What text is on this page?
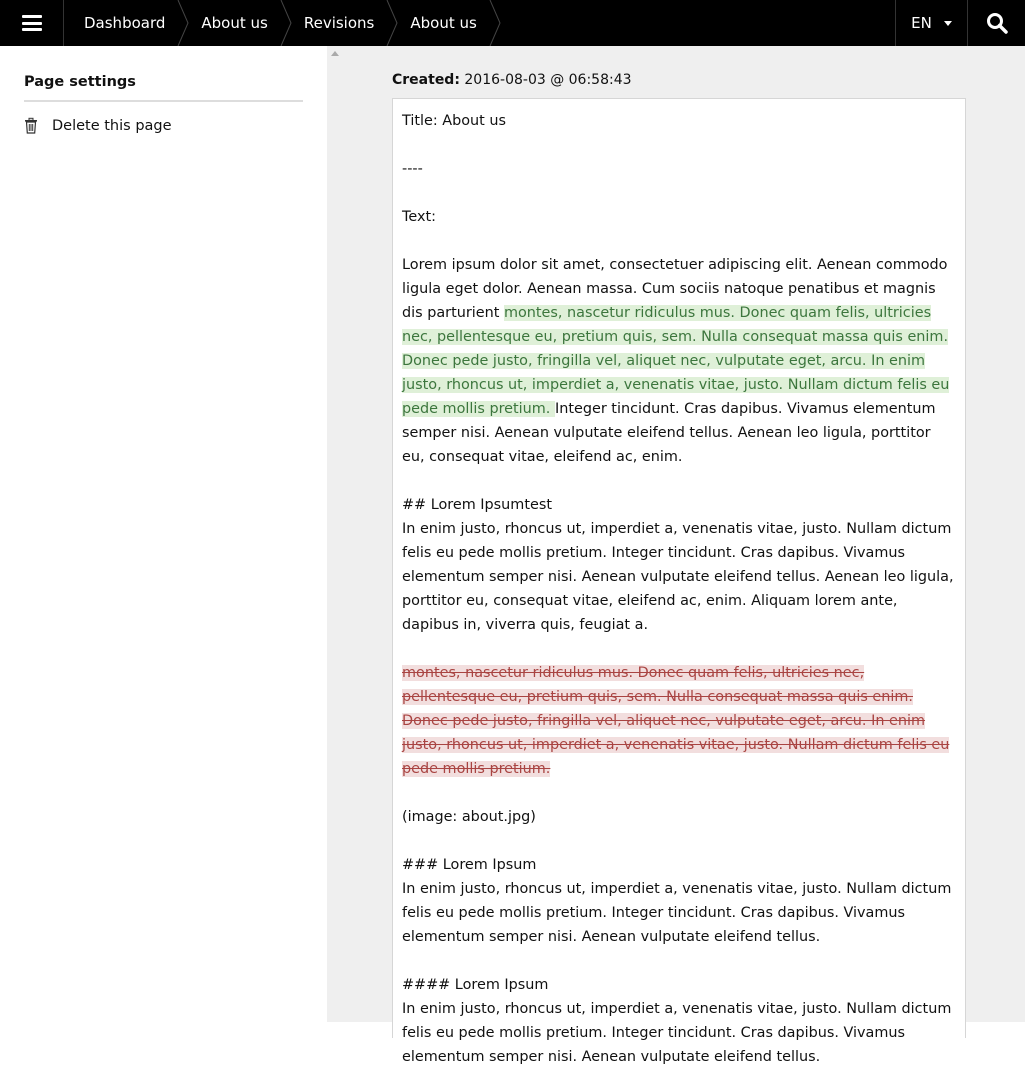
Dashboard About us Revisions About us	EN
Page settings
Delete this page
Created: 2016-08-03 @ 06:58:43
Title: About us
----
Text:
Lorem ipsum dolor sit amet, consectetuer adipiscing elit. Aenean commodo ligula eget dolor. Aenean massa. Cum sociis natoque penatibus et magnis dis parturient montes, nascetur ridiculus mus. Donec quam felis, ultricies nec, pellentesque eu, pretium quis, sem. Nulla consequat massa quis enim. Donec pede justo, fringilla vel, aliquet nec, vulputate eget, arcu. In enim justo, rhoncus ut, imperdiet a, venenatis vitae, justo. Nullam dictum felis eu pede mollis pretium. Integer tincidunt. Cras dapibus. Vivamus elementum semper nisi. Aenean vulputate eleifend tellus. Aenean leo ligula, porttitor eu, consequat vitae, eleifend ac, enim.
## Lorem Ipsumtest
In enim justo, rhoncus ut, imperdiet a, venenatis vitae, justo. Nullam dictum felis eu pede mollis pretium. Integer tincidunt. Cras dapibus. Vivamus elementum semper nisi. Aenean vulputate eleifend tellus. Aenean leo ligula, porttitor eu, consequat vitae, eleifend ac, enim. Aliquam lorem ante, dapibus in, viverra quis, feugiat a.
montes, nascetur ridiculus mus. Donec quam felis, ultricies nec, pellentesque eu, pretium quis, sem. Nulla consequat massa quis enim. Donec pede justo, fringilla vel, aliquet nec, vulputate eget, arcu. In enim justo, rhoncus ut, imperdiet a, venenatis vitae, justo. Nullam dictum felis eu pede mollis pretium.
(image: about.jpg)
### Lorem Ipsum
In enim justo, rhoncus ut, imperdiet a, venenatis vitae, justo. Nullam dictum felis eu pede mollis pretium. Integer tincidunt. Cras dapibus. Vivamus elementum semper nisi. Aenean vulputate eleifend tellus.
#### Lorem Ipsum
In enim justo, rhoncus ut, imperdiet a, venenatis vitae, justo. Nullam dictum felis eu pede mollis pretium. Integer tincidunt. Cras dapibus. Vivamus elementum semper nisi. Aenean vulputate eleifend tellus.
